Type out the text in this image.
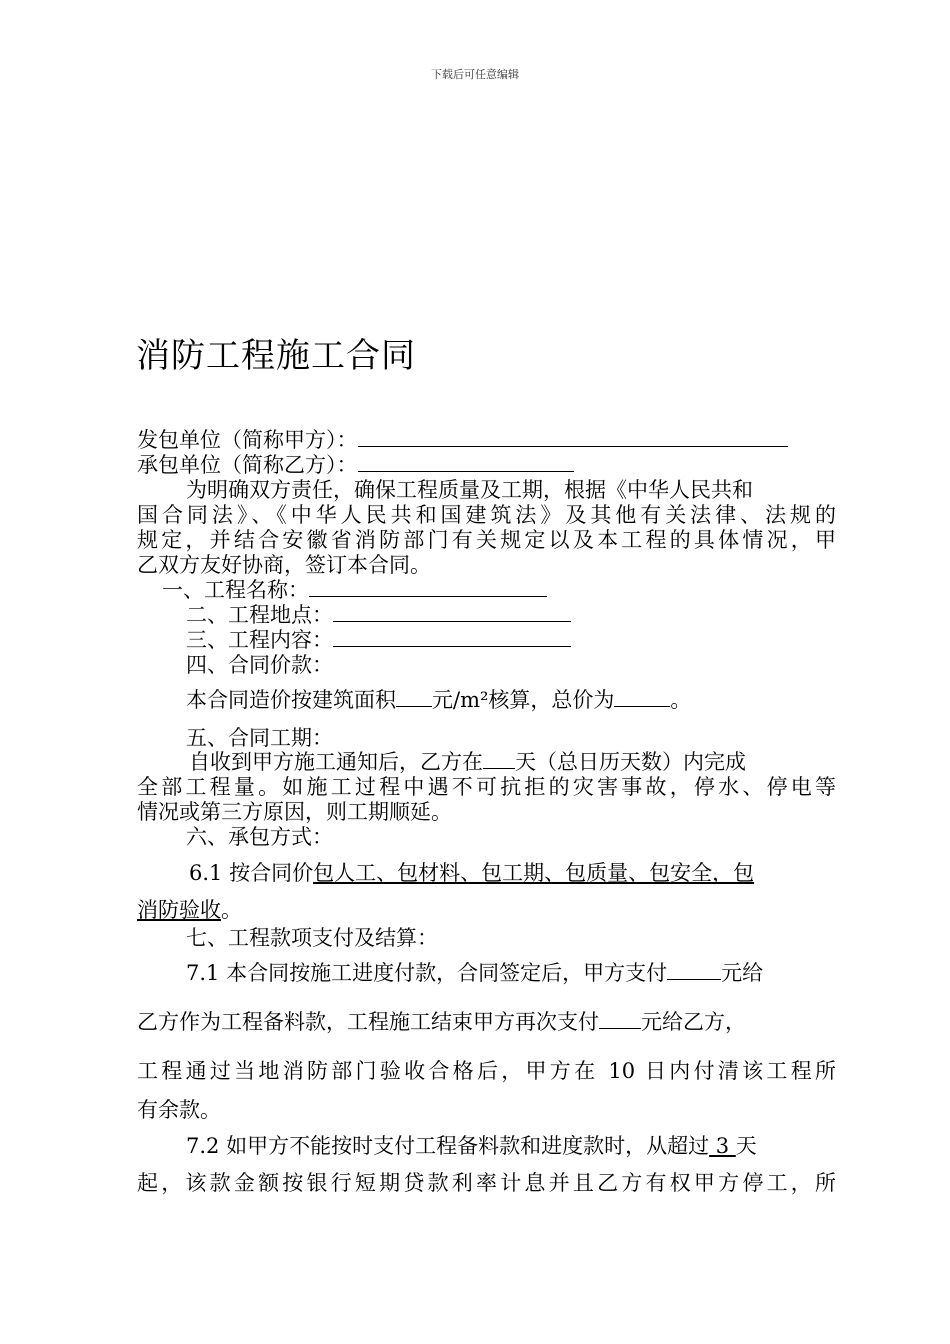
下载后可任意编辑
消防工程施工合同
发包单位（简称甲方）：
承包单位（简称乙方）：
为明确双方责任，确保工程质量及工期，根据《中华人民共和
国合同法》、《中华人民共和国建筑法》及其他有关法律、法规的
规定，并结合安徽省消防部门有关规定以及本工程的具体情况，甲
乙双方友好协商，签订本合同。
一、工程名称：
二、工程地点：
三、工程内容：
四、合同价款：
本合同造价按建筑面积 元/m²核算，总价为	。
五、合同工期：
自收到甲方施工通知后，乙方在 天（总日历天数）内完成
全部工程量。如施工过程中遇不可抗拒的灾害事故，停水、停电等
情况或第三方原因，则工期顺延。
六、承包方式：
6.1 按合同价包人工、包材料、包工期、包质量、包安全，包
消防验收。
七、工程款项支付及结算：
7.1 本合同按施工进度付款，合同签定后，甲方支付	元给
乙方作为工程备料款，工程施工结束甲方再次支付 元给乙方，
工程通过当地消防部门验收合格后，甲方在 10 日内付清该工程所
有余款。
7.2 如甲方不能按时支付工程备料款和进度款时，从超过 3 天
起，该款金额按银行短期贷款利率计息并且乙方有权甲方停工，所
